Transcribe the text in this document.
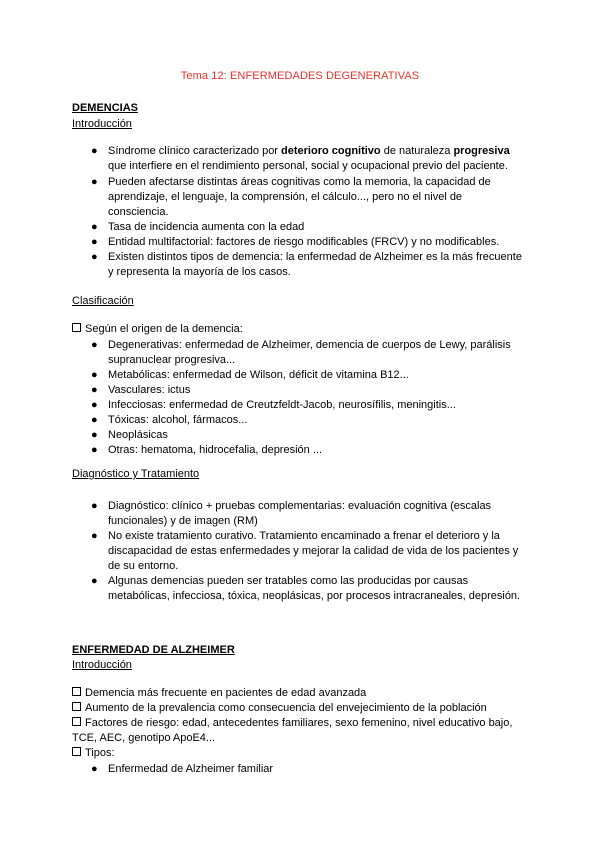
Tema 12: ENFERMEDADES DEGENERATIVAS
DEMENCIAS
Introducción
● Síndrome clínico caracterizado por deterioro cognitivo de naturaleza progresiva
que interfiere en el rendimiento personal, social y ocupacional previo del paciente.
● Pueden afectarse distintas áreas cognitivas como la memoria, la capacidad de
aprendizaje, el lenguaje, la comprensión, el cálculo..., pero no el nivel de
consciencia.
● Tasa de incidencia aumenta con la edad
● Entidad multifactorial: factores de riesgo modificables (FRCV) y no modificables.
● Existen distintos tipos de demencia: la enfermedad de Alzheimer es la más frecuente
y representa la mayoría de los casos.
Clasificación
Según el origen de la demencia:
● Degenerativas: enfermedad de Alzheimer, demencia de cuerpos de Lewy, parálisis
supranuclear progresiva...
● Metabólicas: enfermedad de Wilson, déficit de vitamina B12...
● Vasculares: ictus
● Infecciosas: enfermedad de Creutzfeldt-Jacob, neurosífilis, meningitis...
● Tóxicas: alcohol, fármacos...
● Neoplásicas
● Otras: hematoma, hidrocefalia, depresión ...
Diagnóstico y Tratamiento
● Diagnóstico: clínico + pruebas complementarias: evaluación cognitiva (escalas
funcionales) y de imagen (RM)
● No existe tratamiento curativo. Tratamiento encaminado a frenar el deterioro y la
discapacidad de estas enfermedades y mejorar la calidad de vida de los pacientes y
de su entorno.
● Algunas demencias pueden ser tratables como las producidas por causas
metabólicas, infecciosa, tóxica, neoplásicas, por procesos intracraneales, depresión.
ENFERMEDAD DE ALZHEIMER
Introducción
Demencia más frecuente en pacientes de edad avanzada
Aumento de la prevalencia como consecuencia del envejecimiento de la población
Factores de riesgo: edad, antecedentes familiares, sexo femenino, nivel educativo bajo,
TCE, AEC, genotipo ApoE4...
Tipos:
● Enfermedad de Alzheimer familiar
